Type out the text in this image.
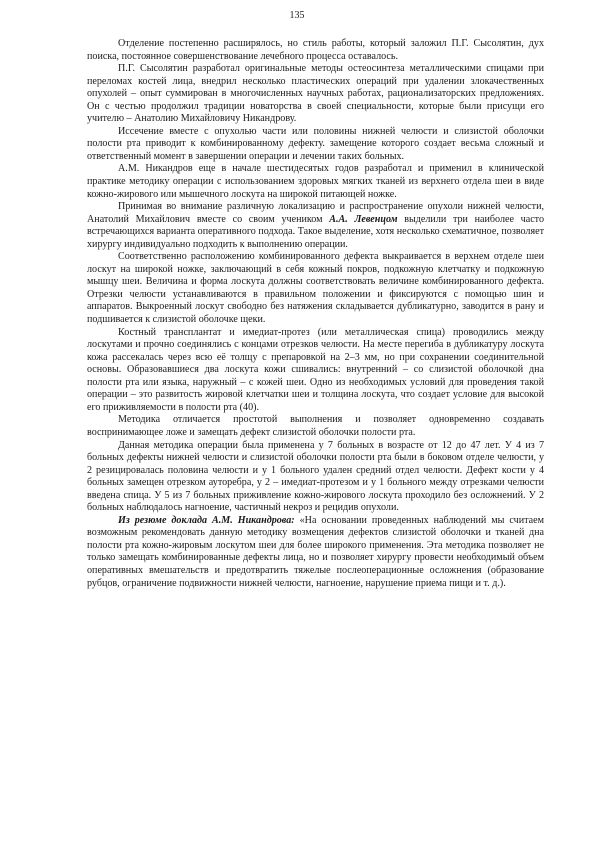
135

Отделение постепенно расширялось, но стиль работы, который заложил П.Г. Сысолятин, дух поиска, постоянное совершенствование лечебного процесса оставалось.

П.Г. Сысолятин разработал оригинальные методы остеосинтеза металлическими спицами при переломах костей лица, внедрил несколько пластических операций при удалении злокачественных опухолей – опыт суммирован в многочисленных научных работах, рационализаторских предложениях. Он с честью продолжил традиции новаторства в своей специальности, которые были присущи его учителю – Анатолию Михайловичу Никандрову.

Иссечение вместе с опухолью части или половины нижней челюсти и слизистой оболочки полости рта приводит к комбинированному дефекту. замещение которого создает весьма сложный и ответственный момент в завершении операции и лечении таких больных.

А.М. Никандров еще в начале шестидесятых годов разработал и применил в клинической практике методику операции с использованием здоровых мягких тканей из верхнего отдела шеи в виде кожно-жирового или мышечного лоскута на широкой питающей ножке.

Принимая во внимание различную локализацию и распространение опухоли нижней челюсти, Анатолий Михайлович вместе со своим учеником А.А. Левенцом выделили три наиболее часто встречающихся варианта оперативного подхода. Такое выделение, хотя несколько схематичное, позволяет хирургу индивидуально подходить к выполнению операции.

Соответственно расположению комбинированного дефекта выкраивается в верхнем отделе шеи лоскут на широкой ножке, заключающий в себя кожный покров, подкожную клетчатку и подкожную мышцу шеи. Величина и форма лоскута должны соответствовать величине комбинированного дефекта. Отрезки челюсти устанавливаются в правильном положении и фиксируются с помощью шин и аппаратов. Выкроенный лоскут свободно без натяжения складывается дубликатурно, заводится в рану и подшивается к слизистой оболочке щеки.

Костный трансплантат и имедиат-протез (или металлическая спица) проводились между лоскутами и прочно соединялись с концами отрезков челюсти. На месте перегиба в дубликатуру лоскута кожа рассекалась через всю её толщу с препаровкой на 2–3 мм, но при сохранении соединительной основы. Образовавшиеся два лоскута кожи сшивались: внутренний – со слизистой оболочкой дна полости рта или языка, наружный – с кожей шеи. Одно из необходимых условий для проведения такой операции – это развитость жировой клетчатки шеи и толщина лоскута, что создает условие для высокой его приживляемости в полости рта (40).

Методика отличается простотой выполнения и позволяет одновременно создавать воспринимающее ложе и замещать дефект слизистой оболочки полости рта.

Данная методика операции была применена у 7 больных в возрасте от 12 до 47 лет. У 4 из 7 больных дефекты нижней челюсти и слизистой оболочки полости рта были в боковом отделе челюсти, у 2 резицировалась половина челюсти и у 1 больного удален средний отдел челюсти. Дефект кости у 4 больных замещен отрезком ауторебра, у 2 – имедиат-протезом и у 1 больного между отрезками челюсти введена спица. У 5 из 7 больных приживление кожно-жирового лоскута проходило без осложнений. У 2 больных наблюдалось нагноение, частичный некроз и рецидив опухоли.

Из резюме доклада А.М. Никандрова: «На основании проведенных наблюдений мы считаем возможным рекомендовать данную методику возмещения дефектов слизистой оболочки и тканей дна полости рта кожно-жировым лоскутом шеи для более широкого применения. Эта методика позволяет не только замещать комбинированные дефекты лица, но и позволяет хирургу провести необходимый объем оперативных вмешательств и предотвратить тяжелые послеоперационные осложнения (образование рубцов, ограничение подвижности нижней челюсти, нагноение, нарушение приема пищи и т. д.).
